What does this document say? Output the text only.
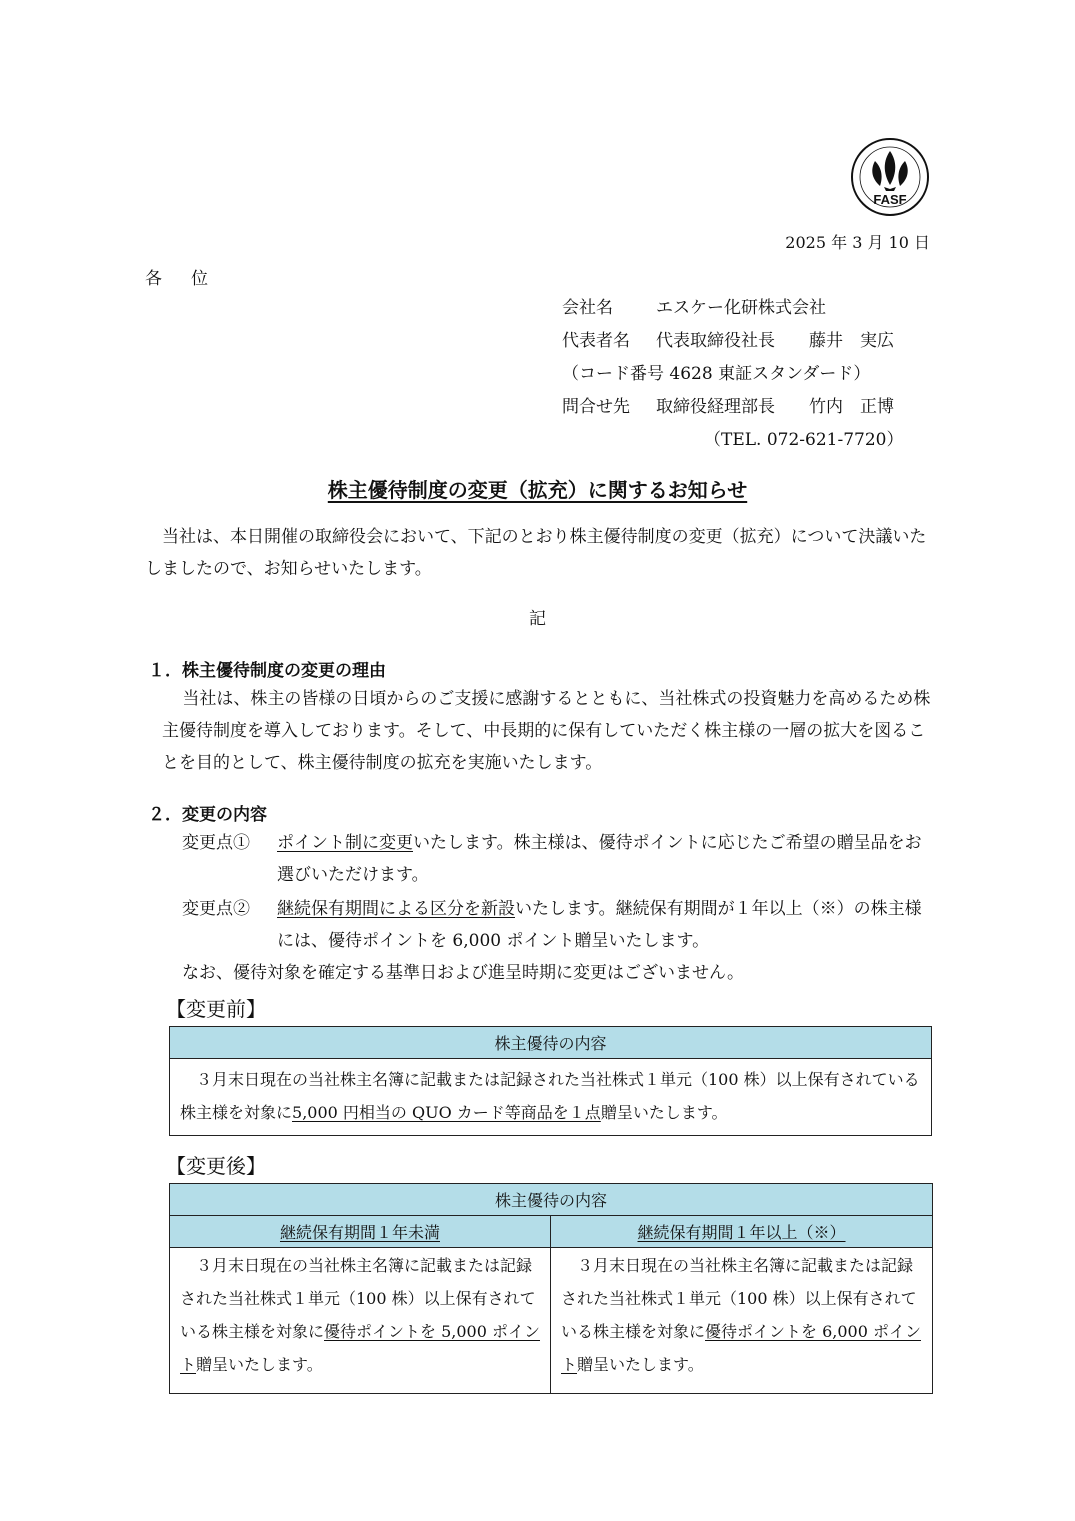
FASF
2025 年 3 月 10 日
各　位
会社名	エスケー化研株式会社
代表者名 代表取締役社長　　藤井　実広
（コード番号 4628 東証スタンダード）
問合せ先 取締役経理部長　　竹内　正博
（TEL. 072-621-7720）
株主優待制度の変更（拡充）に関するお知らせ
当社は、本日開催の取締役会において、下記のとおり株主優待制度の変更（拡充）について決議いたしましたので、お知らせいたします。
記
１．株主優待制度の変更の理由
当社は、株主の皆様の日頃からのご支援に感謝するとともに、当社株式の投資魅力を高めるため株主優待制度を導入しております。そして、中長期的に保有していただく株主様の一層の拡大を図ることを目的として、株主優待制度の拡充を実施いたします。
２．変更の内容
変更点① ポイント制に変更いたします。株主様は、優待ポイントに応じたご希望の贈呈品をお選びいただけます。
変更点② 継続保有期間による区分を新設いたします。継続保有期間が１年以上（※）の株主様には、優待ポイントを 6,000 ポイント贈呈いたします。
なお、優待対象を確定する基準日および進呈時期に変更はございません。
【変更前】
株主優待の内容
３月末日現在の当社株主名簿に記載または記録された当社株式１単元（100 株）以上保有されている株主様を対象に5,000 円相当の QUO カード等商品を１点贈呈いたします。
【変更後】
株主優待の内容	
継続保有期間１年未満	継続保有期間１年以上（※）
３月末日現在の当社株主名簿に記載または記録された当社株式１単元（100 株）以上保有されている株主様を対象に優待ポイントを 5,000 ポイント贈呈いたします。	３月末日現在の当社株主名簿に記載または記録された当社株式１単元（100 株）以上保有されている株主様を対象に優待ポイントを 6,000 ポイント贈呈いたします。
